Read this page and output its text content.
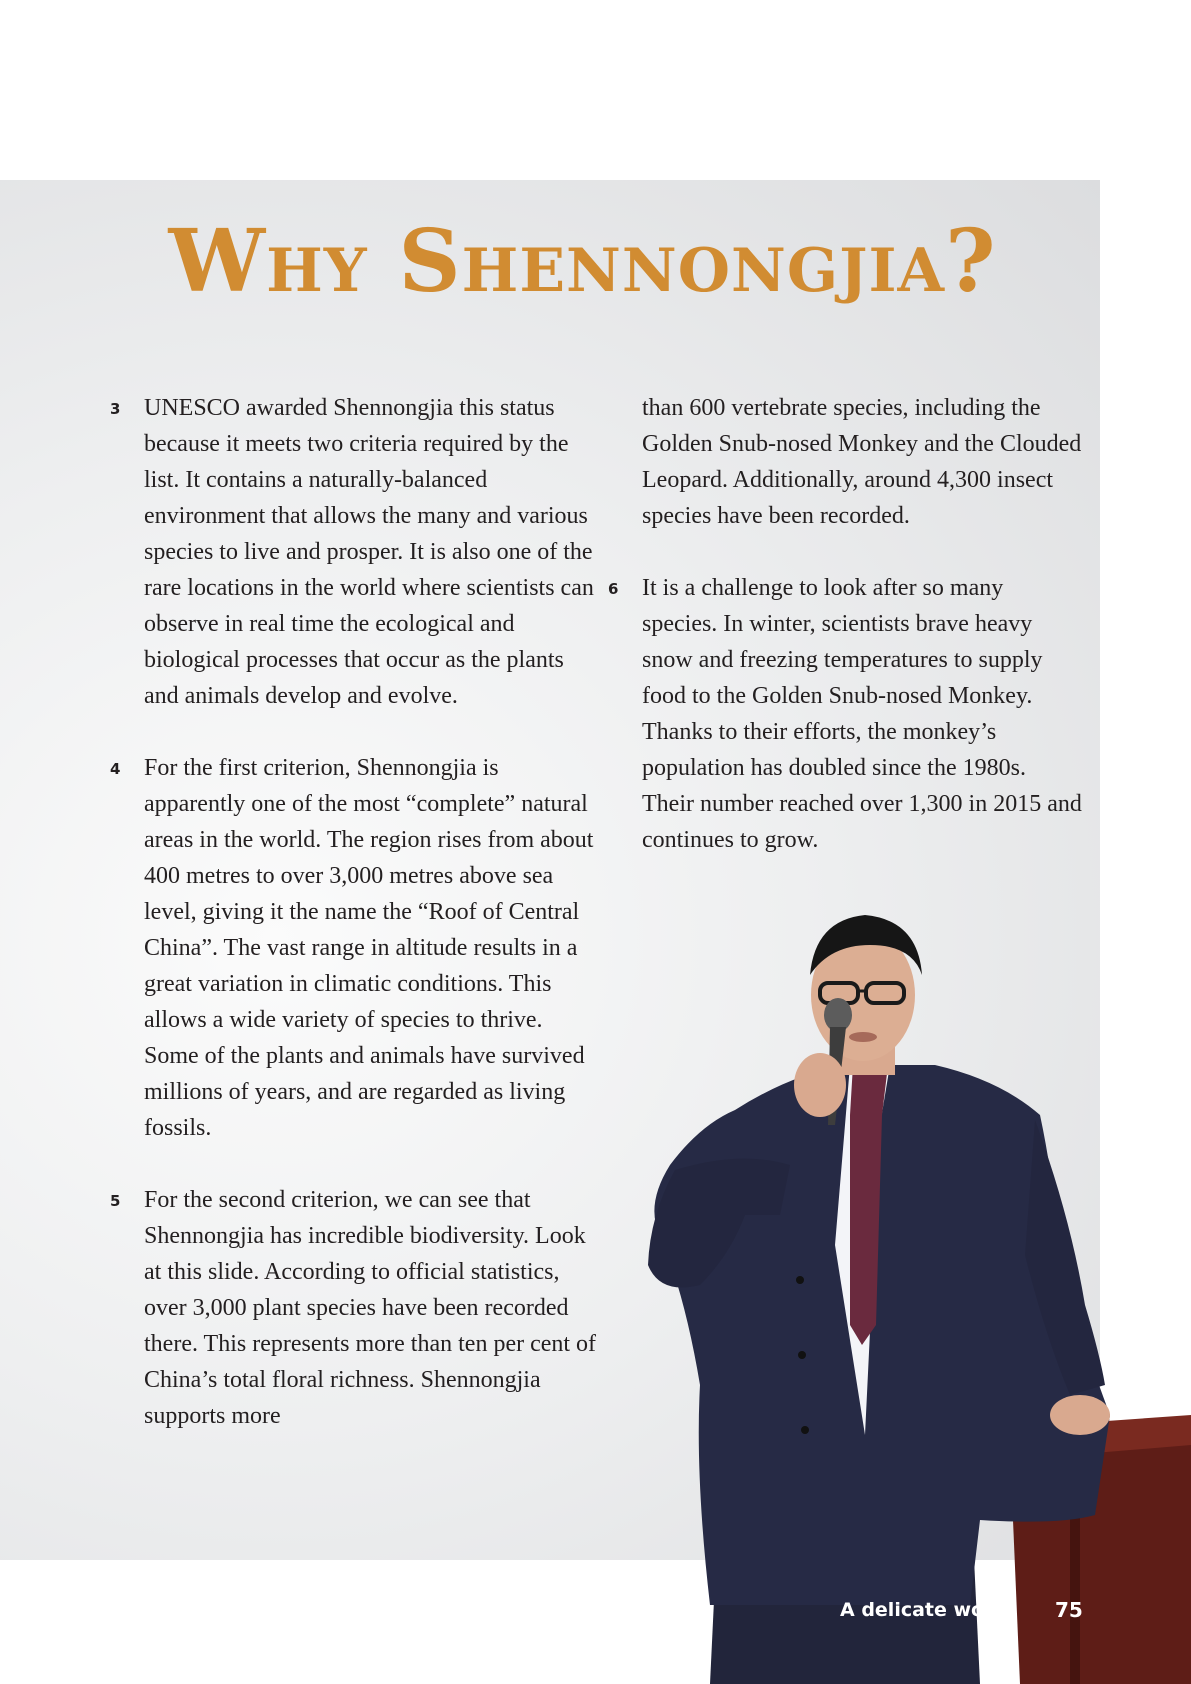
Why Shennongjia?

3 UNESCO awarded Shennongjia this status because it meets two criteria required by the list. It contains a naturally-balanced environment that allows the many and various species to live and prosper. It is also one of the rare locations in the world where scientists can observe in real time the ecological and biological processes that occur as the plants and animals develop and evolve.

4 For the first criterion, Shennongjia is apparently one of the most “complete” natural areas in the world. The region rises from about 400 metres to over 3,000 metres above sea level, giving it the name the “Roof of Central China”. The vast range in altitude results in a great variation in climatic conditions. This allows a wide variety of species to thrive. Some of the plants and animals have survived millions of years, and are regarded as living fossils.

5 For the second criterion, we can see that Shennongjia has incredible biodiversity. Look at this slide. According to official statistics, over 3,000 plant species have been recorded there. This represents more than ten per cent of China’s total floral richness. Shennongjia supports more

than 600 vertebrate species, including the Golden Snub-nosed Monkey and the Clouded Leopard. Additionally, around 4,300 insect species have been recorded.

6 It is a challenge to look after so many species. In winter, scientists brave heavy snow and freezing temperatures to supply food to the Golden Snub-nosed Monkey. Thanks to their efforts, the monkey’s population has doubled since the 1980s. Their number reached over 1,300 in 2015 and continues to grow.

A delicate world 75
